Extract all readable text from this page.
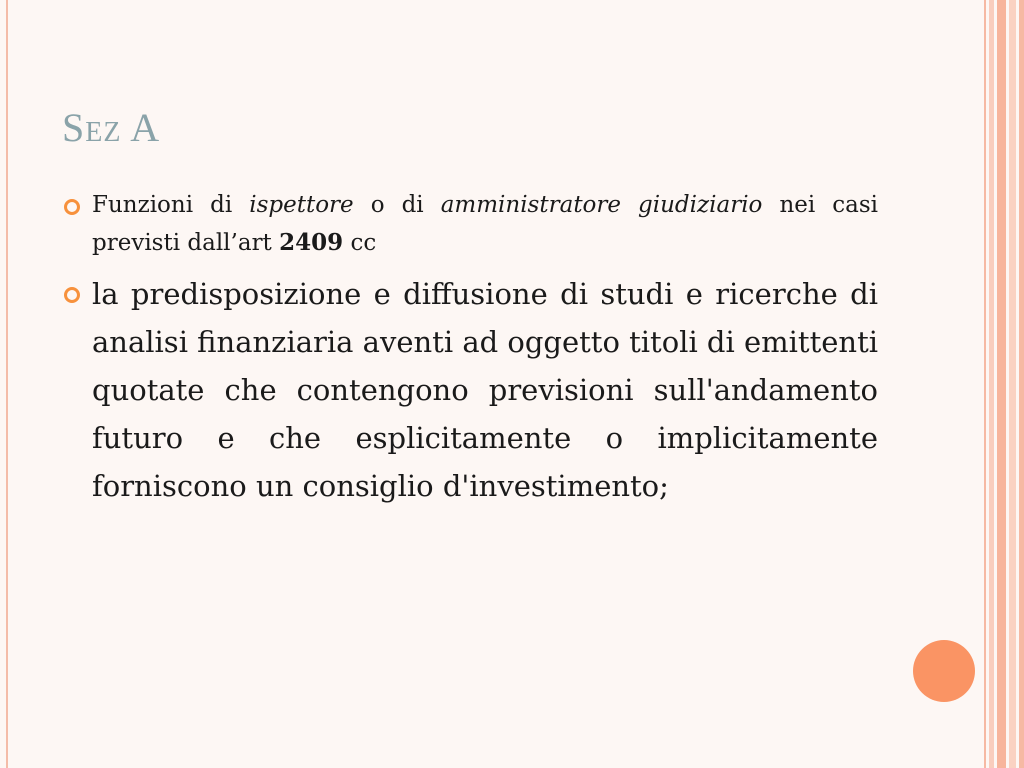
Sez A
Funzioni di ispettore o di amministratore giudiziario nei casi previsti dall’art 2409 cc
la predisposizione e diffusione di studi e ricerche di analisi finanziaria aventi ad oggetto titoli di emittenti quotate che contengono previsioni sull'andamento futuro e che esplicitamente o implicitamente forniscono un consiglio d'investimento;
